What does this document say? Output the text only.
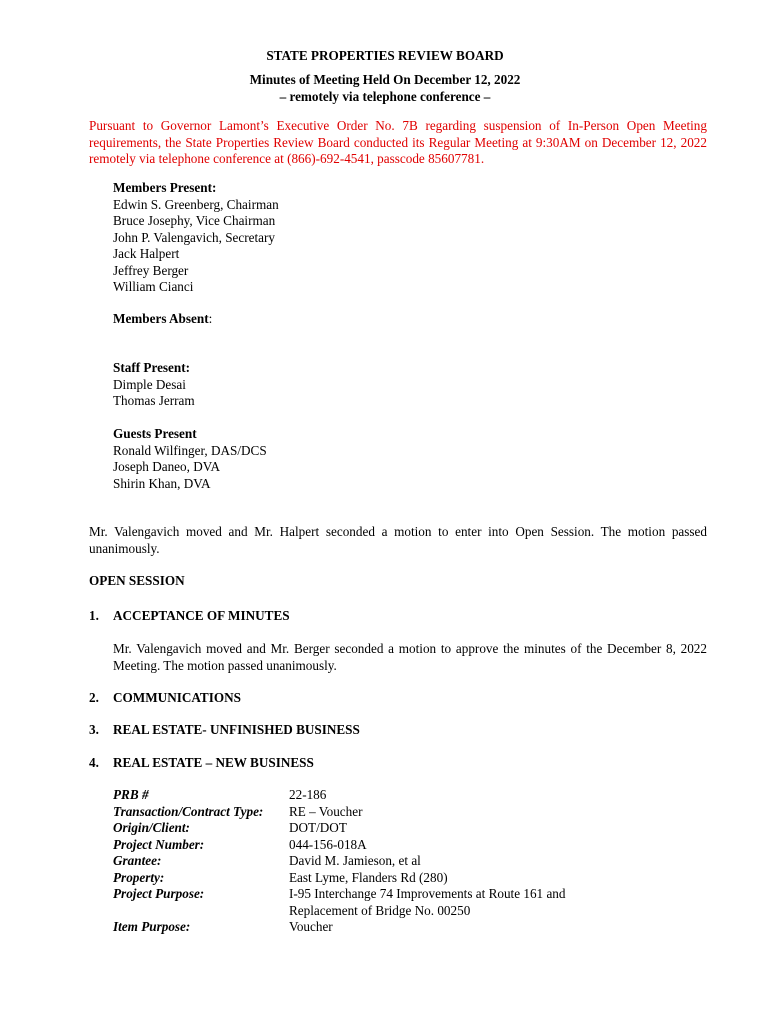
STATE PROPERTIES REVIEW BOARD
Minutes of Meeting Held On December 12, 2022
– remotely via telephone conference –
Pursuant to Governor Lamont’s Executive Order No. 7B regarding suspension of In-Person Open Meeting requirements, the State Properties Review Board conducted its Regular Meeting at 9:30AM on December 12, 2022 remotely via telephone conference at (866)-692-4541, passcode 85607781.
Members Present:
Edwin S. Greenberg, Chairman
Bruce Josephy, Vice Chairman
John P. Valengavich, Secretary
Jack Halpert
Jeffrey Berger
William Cianci
Members Absent:
Staff Present:
Dimple Desai
Thomas Jerram
Guests Present
Ronald Wilfinger, DAS/DCS
Joseph Daneo, DVA
Shirin Khan, DVA
Mr. Valengavich moved and Mr. Halpert seconded a motion to enter into Open Session. The motion passed unanimously.
OPEN SESSION
1. ACCEPTANCE OF MINUTES
Mr. Valengavich moved and Mr. Berger seconded a motion to approve the minutes of the December 8, 2022 Meeting. The motion passed unanimously.
2. COMMUNICATIONS
3. REAL ESTATE- UNFINISHED BUSINESS
4. REAL ESTATE – NEW BUSINESS
PRB #	22-186
Transaction/Contract Type:	RE – Voucher
Origin/Client:	DOT/DOT
Project Number:	044-156-018A
Grantee:	David M. Jamieson, et al
Property:	East Lyme, Flanders Rd (280)
Project Purpose:	I-95 Interchange 74 Improvements at Route 161 and Replacement of Bridge No. 00250
Item Purpose:	Voucher
